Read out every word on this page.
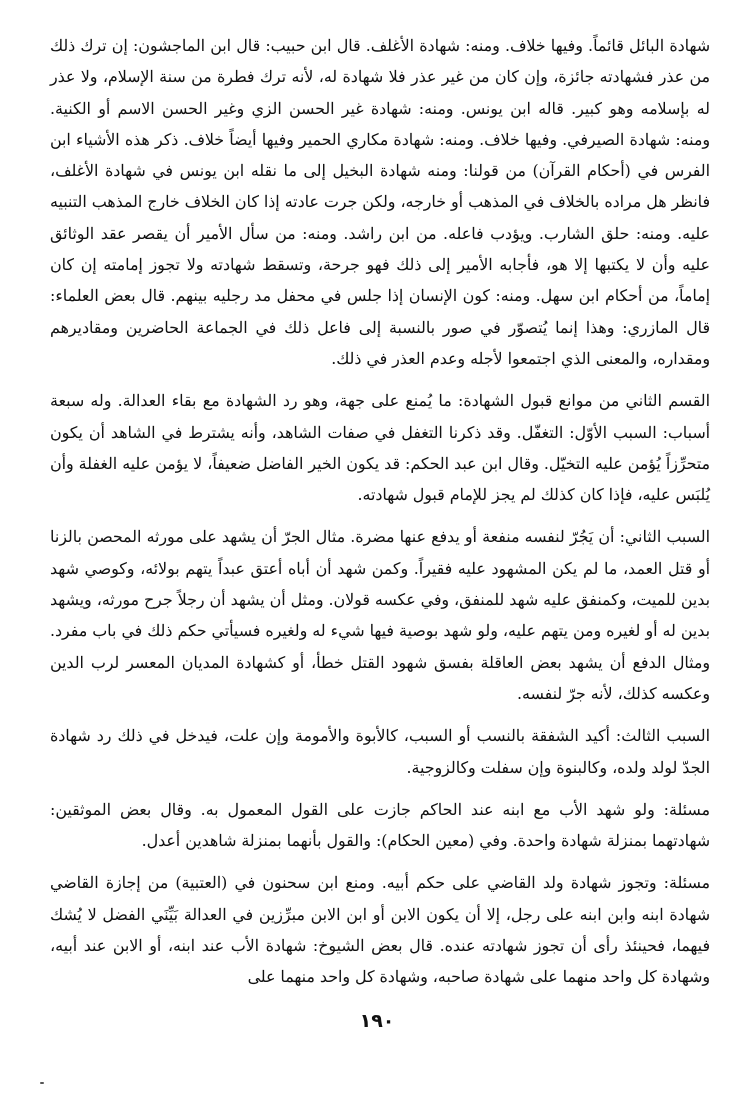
شهادة البائل قائماً. وفيها خلاف. ومنه: شهادة الأغلف. قال ابن حبيب: قال ابن الماجشون: إن ترك ذلك من عذر فشهادته جائزة، وإن كان من غير عذر فلا شهادة له، لأنه ترك فطرة من سنة الإسلام، ولا عذر له بإسلامه وهو كبير. قاله ابن يونس. ومنه: شهادة غير الحسن الزي وغير الحسن الاسم أو الكنية. ومنه: شهادة الصيرفي. وفيها خلاف. ومنه: شهادة مكاري الحمير وفيها أيضاً خلاف. ذكر هذه الأشياء ابن الفرس في (أحكام القرآن) من قولنا: ومنه شهادة البخيل إلى ما نقله ابن يونس في شهادة الأغلف، فانظر هل مراده بالخلاف في المذهب أو خارجه، ولكن جرت عادته إذا كان الخلاف خارج المذهب التنبيه عليه. ومنه: حلق الشارب. ويؤدب فاعله. من ابن راشد. ومنه: من سأل الأمير أن يقصر عقد الوثائق عليه وأن لا يكتبها إلا هو، فأجابه الأمير إلى ذلك فهو جرحة، وتسقط شهادته ولا تجوز إمامته إن كان إماماً، من أحكام ابن سهل. ومنه: كون الإنسان إذا جلس في محفل مد رجليه بينهم. قال بعض العلماء: قال المازري: وهذا إنما يُتصوّر في صور بالنسبة إلى فاعل ذلك في الجماعة الحاضرين ومقاديرهم ومقداره، والمعنى الذي اجتمعوا لأجله وعدم العذر في ذلك.

القسم الثاني من موانع قبول الشهادة: ما يُمنع على جهة، وهو رد الشهادة مع بقاء العدالة. وله سبعة أسباب: السبب الأوّل: التغفّل. وقد ذكرنا التغفل في صفات الشاهد، وأنه يشترط في الشاهد أن يكون متحرِّزاً يُؤمن عليه التخيّل. وقال ابن عبد الحكم: قد يكون الخير الفاضل ضعيفاً، لا يؤمن عليه الغفلة وأن يُلبَس عليه، فإذا كان كذلك لم يجز للإمام قبول شهادته.

السبب الثاني: أن يَجُرّ لنفسه منفعة أو يدفع عنها مضرة. مثال الجرّ أن يشهد على مورثه المحصن بالزنا أو قتل العمد، ما لم يكن المشهود عليه فقيراً. وكمن شهد أن أباه أعتق عبداً يتهم بولائه، وكوصي شهد بدين للميت، وكمنفق عليه شهد للمنفق، وفي عكسه قولان. ومثل أن يشهد أن رجلاً جرح مورثه، ويشهد بدين له أو لغيره ومن يتهم عليه، ولو شهد بوصية فيها شيء له ولغيره فسيأتي حكم ذلك في باب مفرد. ومثال الدفع أن يشهد بعض العاقلة بفسق شهود القتل خطأ، أو كشهادة المديان المعسر لرب الدين وعكسه كذلك، لأنه جرّ لنفسه.

السبب الثالث: أكيد الشفقة بالنسب أو السبب، كالأبوة والأمومة وإن علت، فيدخل في ذلك رد شهادة الجدّ لولد ولده، وكالبنوة وإن سفلت وكالزوجية.

مسئلة: ولو شهد الأب مع ابنه عند الحاكم جازت على القول المعمول به. وقال بعض الموثقين: شهادتهما بمنزلة شهادة واحدة. وفي (معين الحكام): والقول بأنهما بمنزلة شاهدين أعدل.

مسئلة: وتجوز شهادة ولد القاضي على حكم أبيه. ومنع ابن سحنون في (العتبية) من إجازة القاضي شهادة ابنه وابن ابنه على رجل، إلا أن يكون الابن أو ابن الابن مبرِّزين في العدالة بَيِّنَي الفضل لا يُشك فيهما، فحينئذ رأى أن تجوز شهادته عنده. قال بعض الشيوخ: شهادة الأب عند ابنه، أو الابن عند أبيه، وشهادة كل واحد منهما على شهادة صاحبه، وشهادة كل واحد منهما على

١٩٠
